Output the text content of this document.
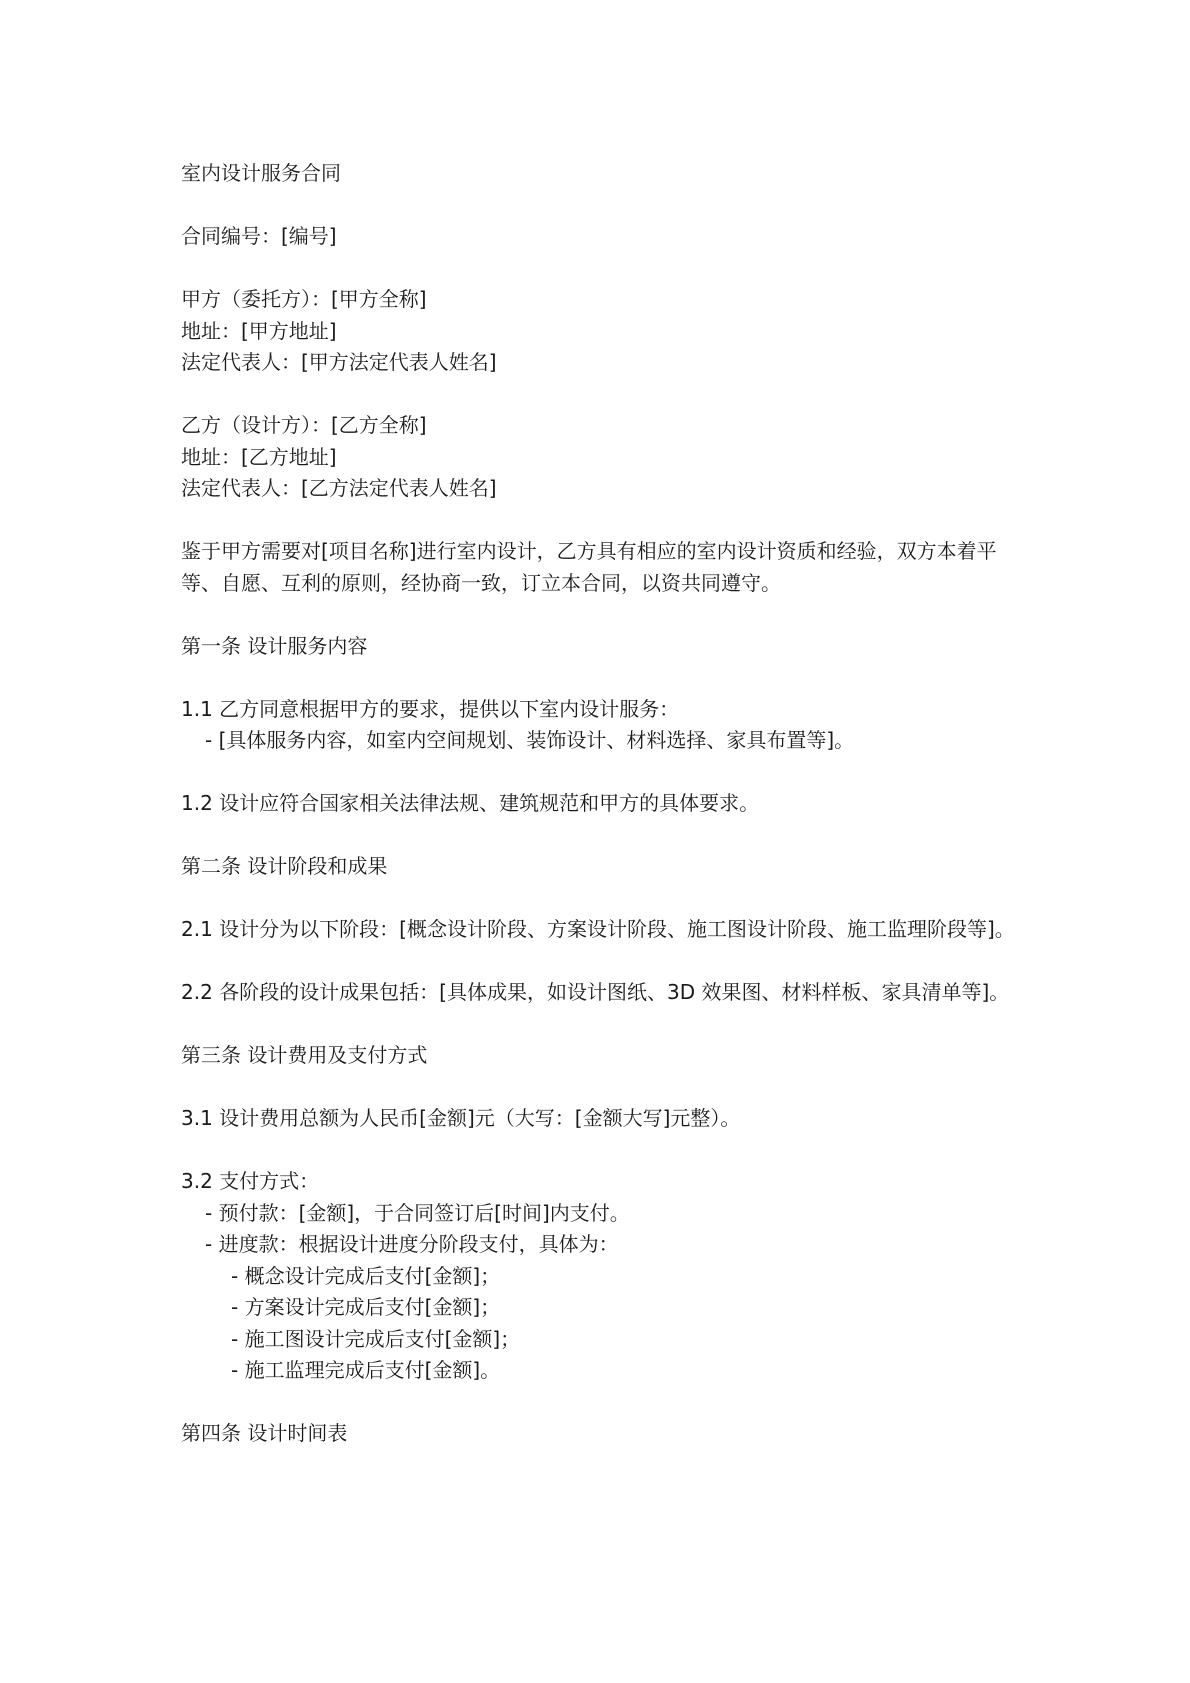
室内设计服务合同
合同编号：[编号]
甲方（委托方）：[甲方全称]
地址：[甲方地址]
法定代表人：[甲方法定代表人姓名]
乙方（设计方）：[乙方全称]
地址：[乙方地址]
法定代表人：[乙方法定代表人姓名]
鉴于甲方需要对[项目名称]进行室内设计，乙方具有相应的室内设计资质和经验，双方本着平等、自愿、互利的原则，经协商一致，订立本合同，以资共同遵守。
第一条 设计服务内容
1.1 乙方同意根据甲方的要求，提供以下室内设计服务：
- [具体服务内容，如室内空间规划、装饰设计、材料选择、家具布置等]。
1.2 设计应符合国家相关法律法规、建筑规范和甲方的具体要求。
第二条 设计阶段和成果
2.1 设计分为以下阶段：[概念设计阶段、方案设计阶段、施工图设计阶段、施工监理阶段等]。
2.2 各阶段的设计成果包括：[具体成果，如设计图纸、3D 效果图、材料样板、家具清单等]。
第三条 设计费用及支付方式
3.1 设计费用总额为人民币[金额]元（大写：[金额大写]元整）。
3.2 支付方式：
- 预付款：[金额]，于合同签订后[时间]内支付。
- 进度款：根据设计进度分阶段支付，具体为：
- 概念设计完成后支付[金额]；
- 方案设计完成后支付[金额]；
- 施工图设计完成后支付[金额]；
- 施工监理完成后支付[金额]。
第四条 设计时间表
